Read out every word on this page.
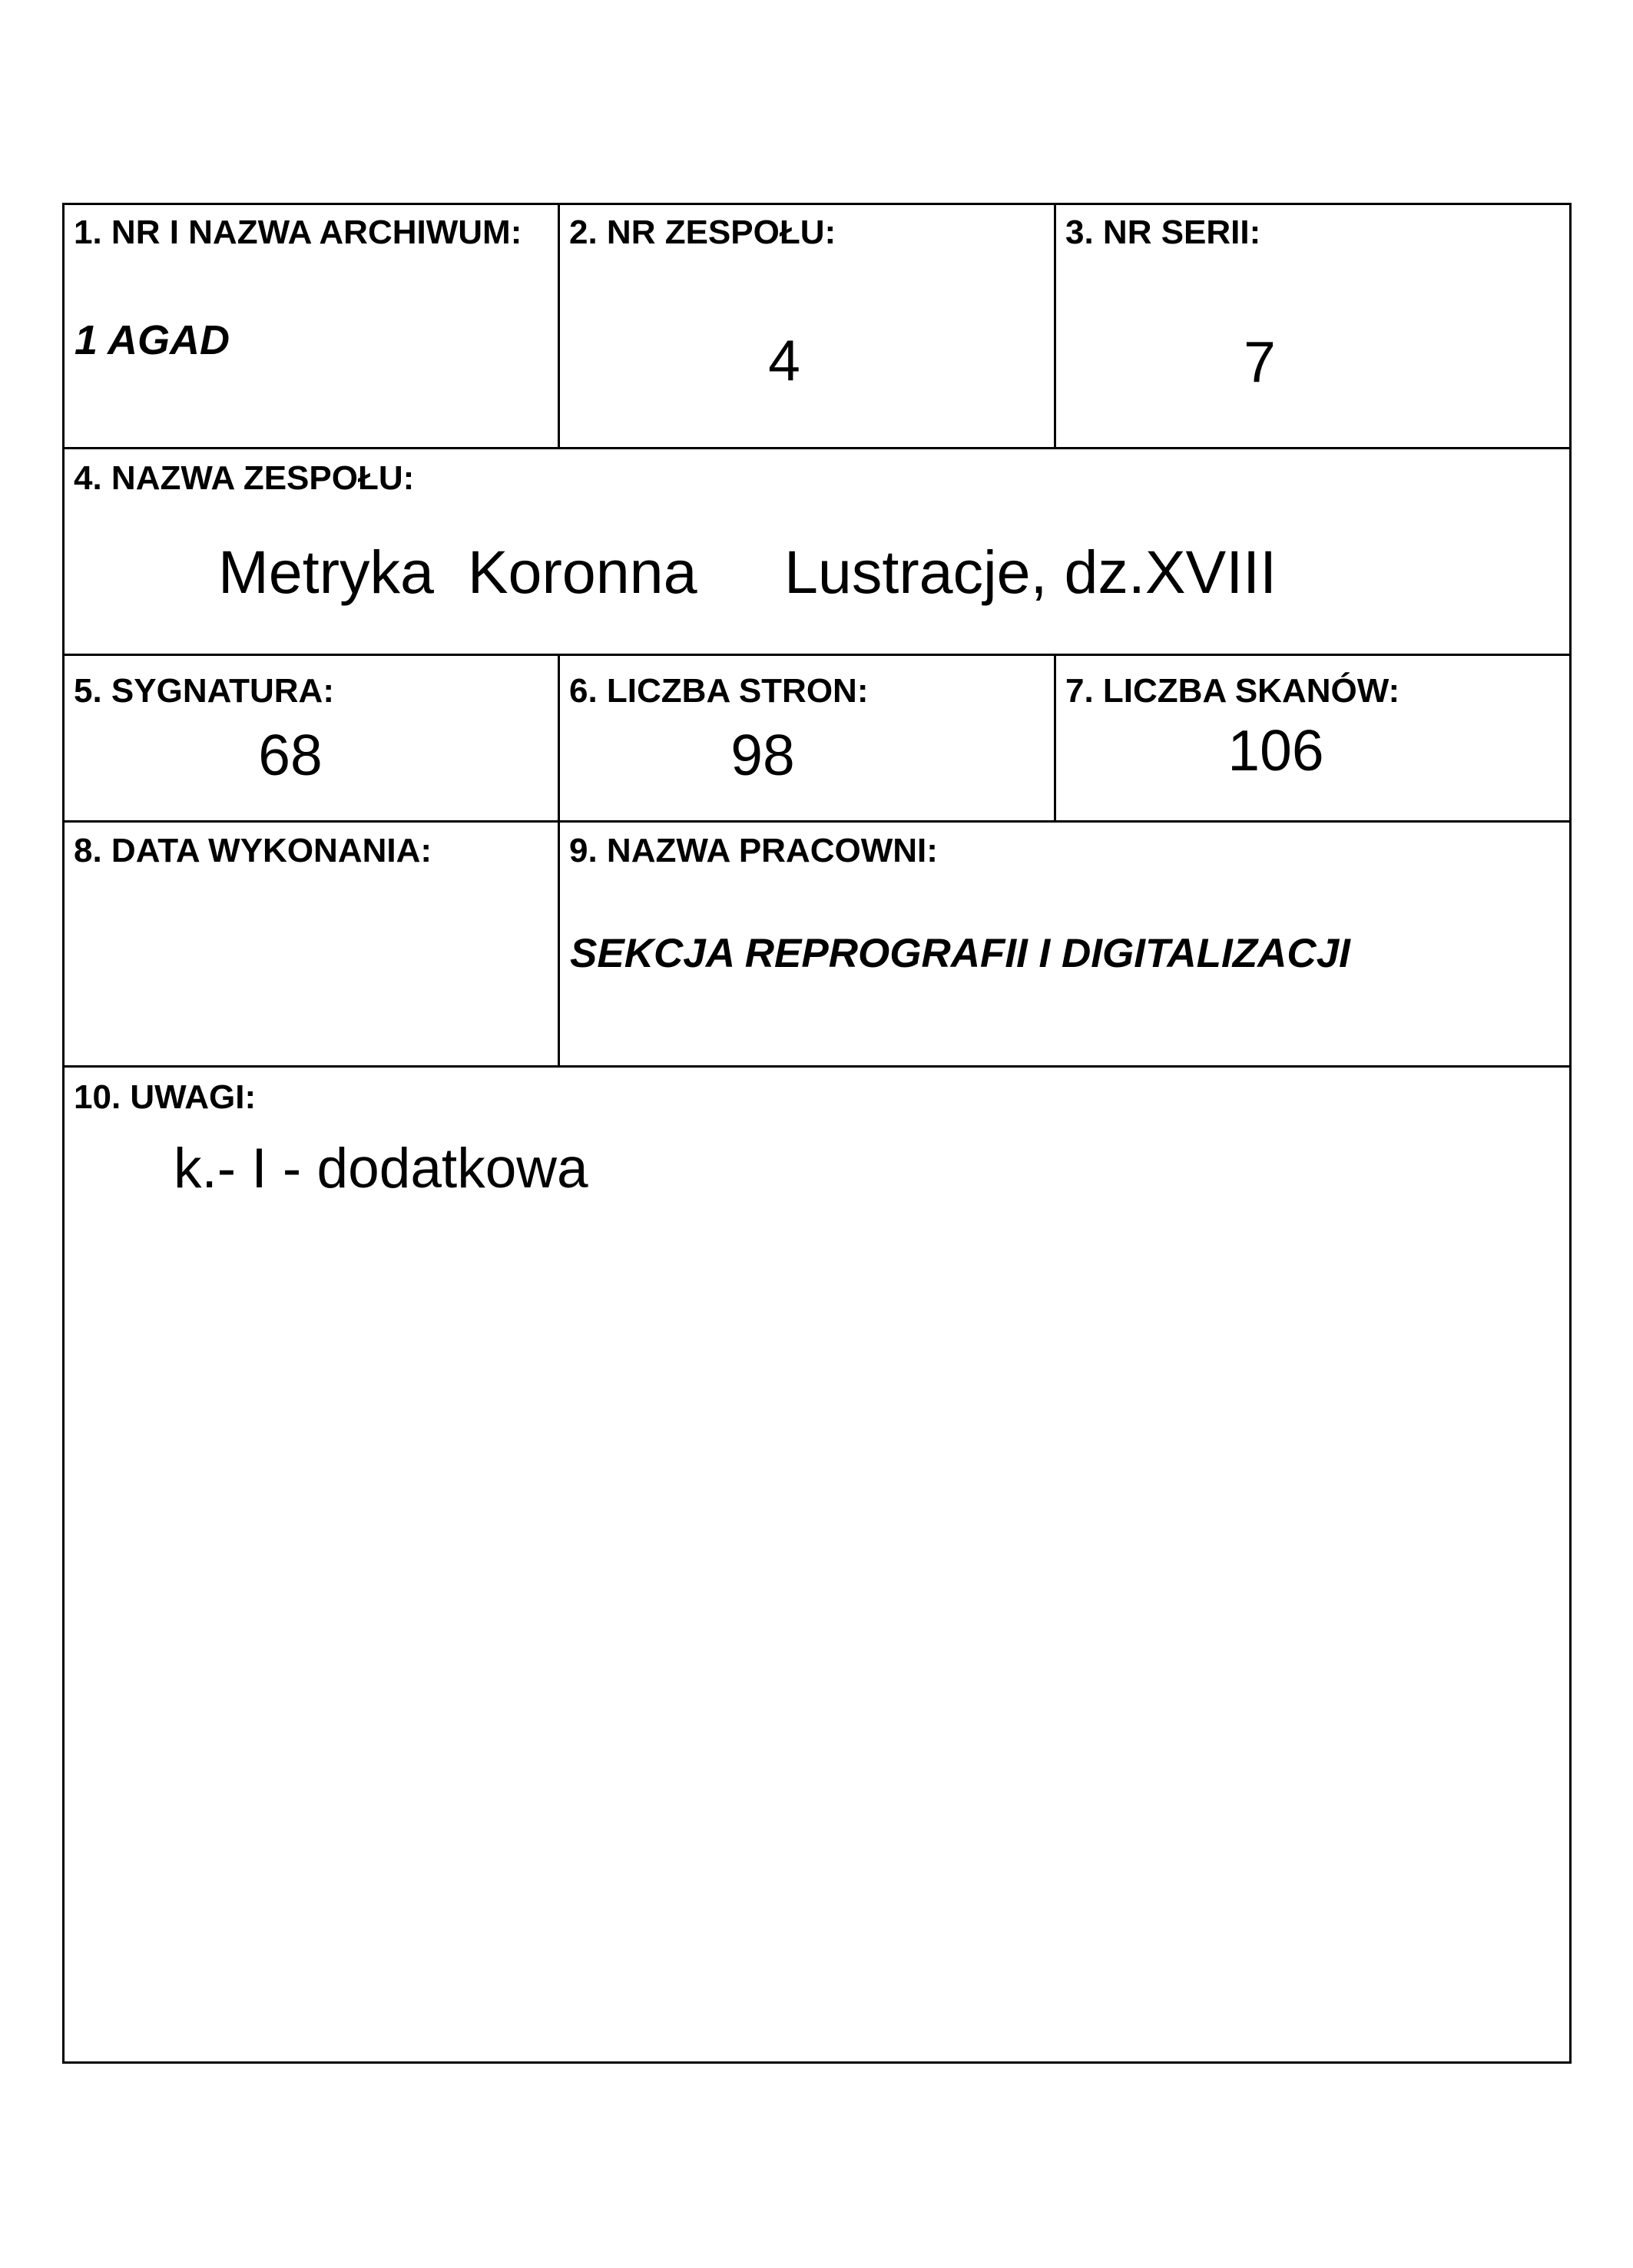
1. NR I NAZWA ARCHIWUM:
1 AGAD
2. NR ZESPOŁU:
4
3. NR SERII:
7
4. NAZWA ZESPOŁU:
Metryka  Koronna Lustracje, dz.XVIII
5. SYGNATURA:
68
6. LICZBA STRON:
98
7. LICZBA SKANÓW:
106
8. DATA WYKONANIA:	9. NAZWA PRACOWNI:
SEKCJA REPROGRAFII I DIGITALIZACJI
10. UWAGI:
k.- I - dodatkowa
